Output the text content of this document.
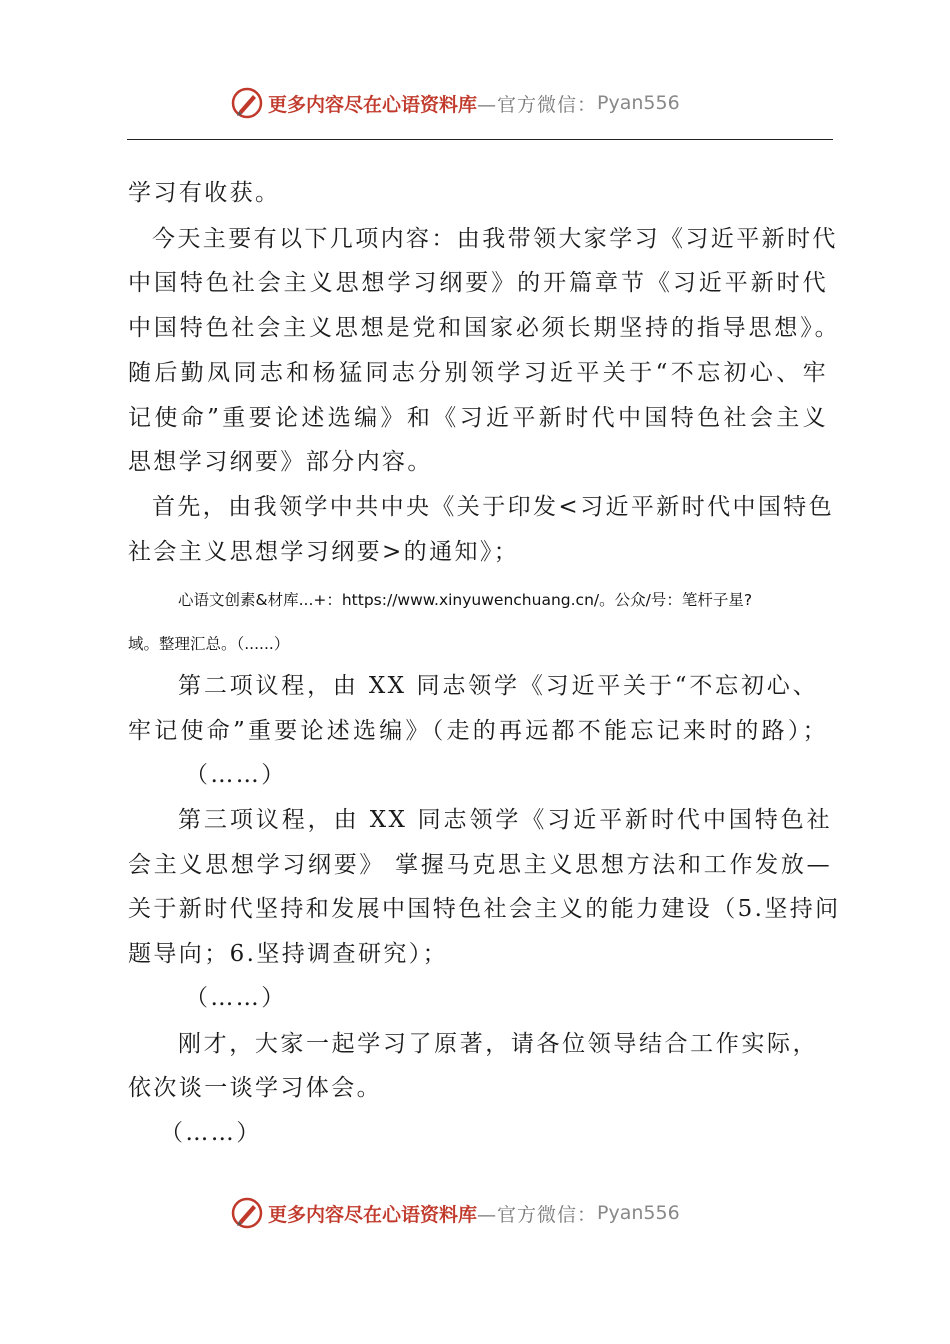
更多内容尽在心语资料库 —官方微信： Pyan556
学习有收获。
今天主要有以下几项内容：由我带领大家学习《习近平新时代
中国特色社会主义思想学习纲要》的开篇章节《习近平新时代
中国特色社会主义思想是党和国家必须长期坚持的指导思想》。
随后勤凤同志和杨猛同志分别领学习近平关于“不忘初心、牢
记使命”重要论述选编》和《习近平新时代中国特色社会主义
思想学习纲要》部分内容。
首先，由我领学中共中央《关于印发<习近平新时代中国特色
社会主义思想学习纲要>的通知》；
心语文创素&材库...+：https://www.xinyuwenchuang.cn/。公众/号：笔杆子星?
域。整理汇总。（......）
第二项议程，由 XX 同志领学《习近平关于“不忘初心、
牢记使命”重要论述选编》（走的再远都不能忘记来时的路）；
（……）
第三项议程，由 XX 同志领学《习近平新时代中国特色社
会主义思想学习纲要》 掌握马克思主义思想方法和工作发放—
关于新时代坚持和发展中国特色社会主义的能力建设（5.坚持问
题导向；6.坚持调查研究）；
（……）
刚才，大家一起学习了原著，请各位领导结合工作实际，
依次谈一谈学习体会。
（……）
更多内容尽在心语资料库 —官方微信： Pyan556
